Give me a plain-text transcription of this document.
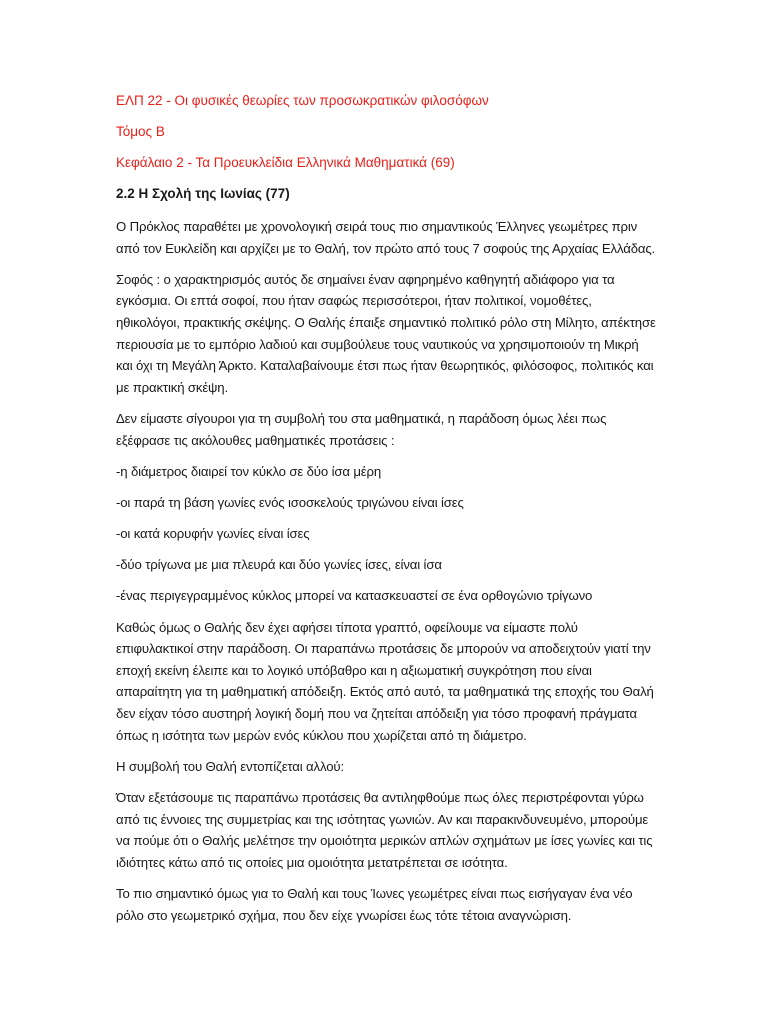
ΕΛΠ 22 - Οι φυσικές θεωρίες των προσωκρατικών φιλοσόφων
Τόμος Β
Κεφάλαιο 2 - Τα Προευκλείδια Ελληνικά Μαθηματικά (69)
2.2 Η Σχολή της Ιωνίας (77)

Ο Πρόκλος παραθέτει με χρονολογική σειρά τους πιο σημαντικούς Έλληνες γεωμέτρες πριν από τον Ευκλείδη και αρχίζει με το Θαλή, τον πρώτο από τους 7 σοφούς της Αρχαίας Ελλάδας.

Σοφός : ο χαρακτηρισμός αυτός δε σημαίνει έναν αφηρημένο καθηγητή αδιάφορο για τα εγκόσμια. Οι επτά σοφοί, που ήταν σαφώς περισσότεροι, ήταν πολιτικοί, νομοθέτες, ηθικολόγοι, πρακτικής σκέψης. Ο Θαλής έπαιξε σημαντικό πολιτικό ρόλο στη Μίλητο, απέκτησε περιουσία με το εμπόριο λαδιού και συμβούλευε τους ναυτικούς να χρησιμοποιούν τη Μικρή και όχι τη Μεγάλη Άρκτο. Καταλαβαίνουμε έτσι πως ήταν θεωρητικός, φιλόσοφος, πολιτικός και με πρακτική σκέψη.

Δεν είμαστε σίγουροι για τη συμβολή του στα μαθηματικά, η παράδοση όμως λέει πως εξέφρασε τις ακόλουθες μαθηματικές προτάσεις :

-η διάμετρος διαιρεί τον κύκλο σε δύο ίσα μέρη

-οι παρά τη βάση γωνίες ενός ισοσκελούς τριγώνου είναι ίσες

-οι κατά κορυφήν γωνίες είναι ίσες

-δύο τρίγωνα με μια πλευρά και δύο γωνίες ίσες, είναι ίσα

-ένας περιγεγραμμένος κύκλος μπορεί να κατασκευαστεί σε ένα ορθογώνιο τρίγωνο

Καθώς όμως ο Θαλής δεν έχει αφήσει τίποτα γραπτό, οφείλουμε να είμαστε πολύ επιφυλακτικοί στην παράδοση. Οι παραπάνω προτάσεις δε μπορούν να αποδειχτούν γιατί την εποχή εκείνη έλειπε και το λογικό υπόβαθρο και η αξιωματική συγκρότηση που είναι απαραίτητη για τη μαθηματική απόδειξη. Εκτός από αυτό, τα μαθηματικά της εποχής του Θαλή δεν είχαν τόσο αυστηρή λογική δομή που να ζητείται απόδειξη για τόσο προφανή πράγματα όπως η ισότητα των μερών ενός κύκλου που χωρίζεται από τη διάμετρο.

Η συμβολή του Θαλή εντοπίζεται αλλού:

Όταν εξετάσουμε τις παραπάνω προτάσεις θα αντιληφθούμε πως όλες περιστρέφονται γύρω από τις έννοιες της συμμετρίας και της ισότητας γωνιών. Αν και παρακινδυνευμένο, μπορούμε να πούμε ότι ο Θαλής μελέτησε την ομοιότητα μερικών απλών σχημάτων με ίσες γωνίες και τις ιδιότητες κάτω από τις οποίες μια ομοιότητα μετατρέπεται σε ισότητα.

Το πιο σημαντικό όμως για το Θαλή και τους Ίωνες γεωμέτρες είναι πως εισήγαγαν ένα νέο ρόλο στο γεωμετρικό σχήμα, που δεν είχε γνωρίσει έως τότε τέτοια αναγνώριση.
